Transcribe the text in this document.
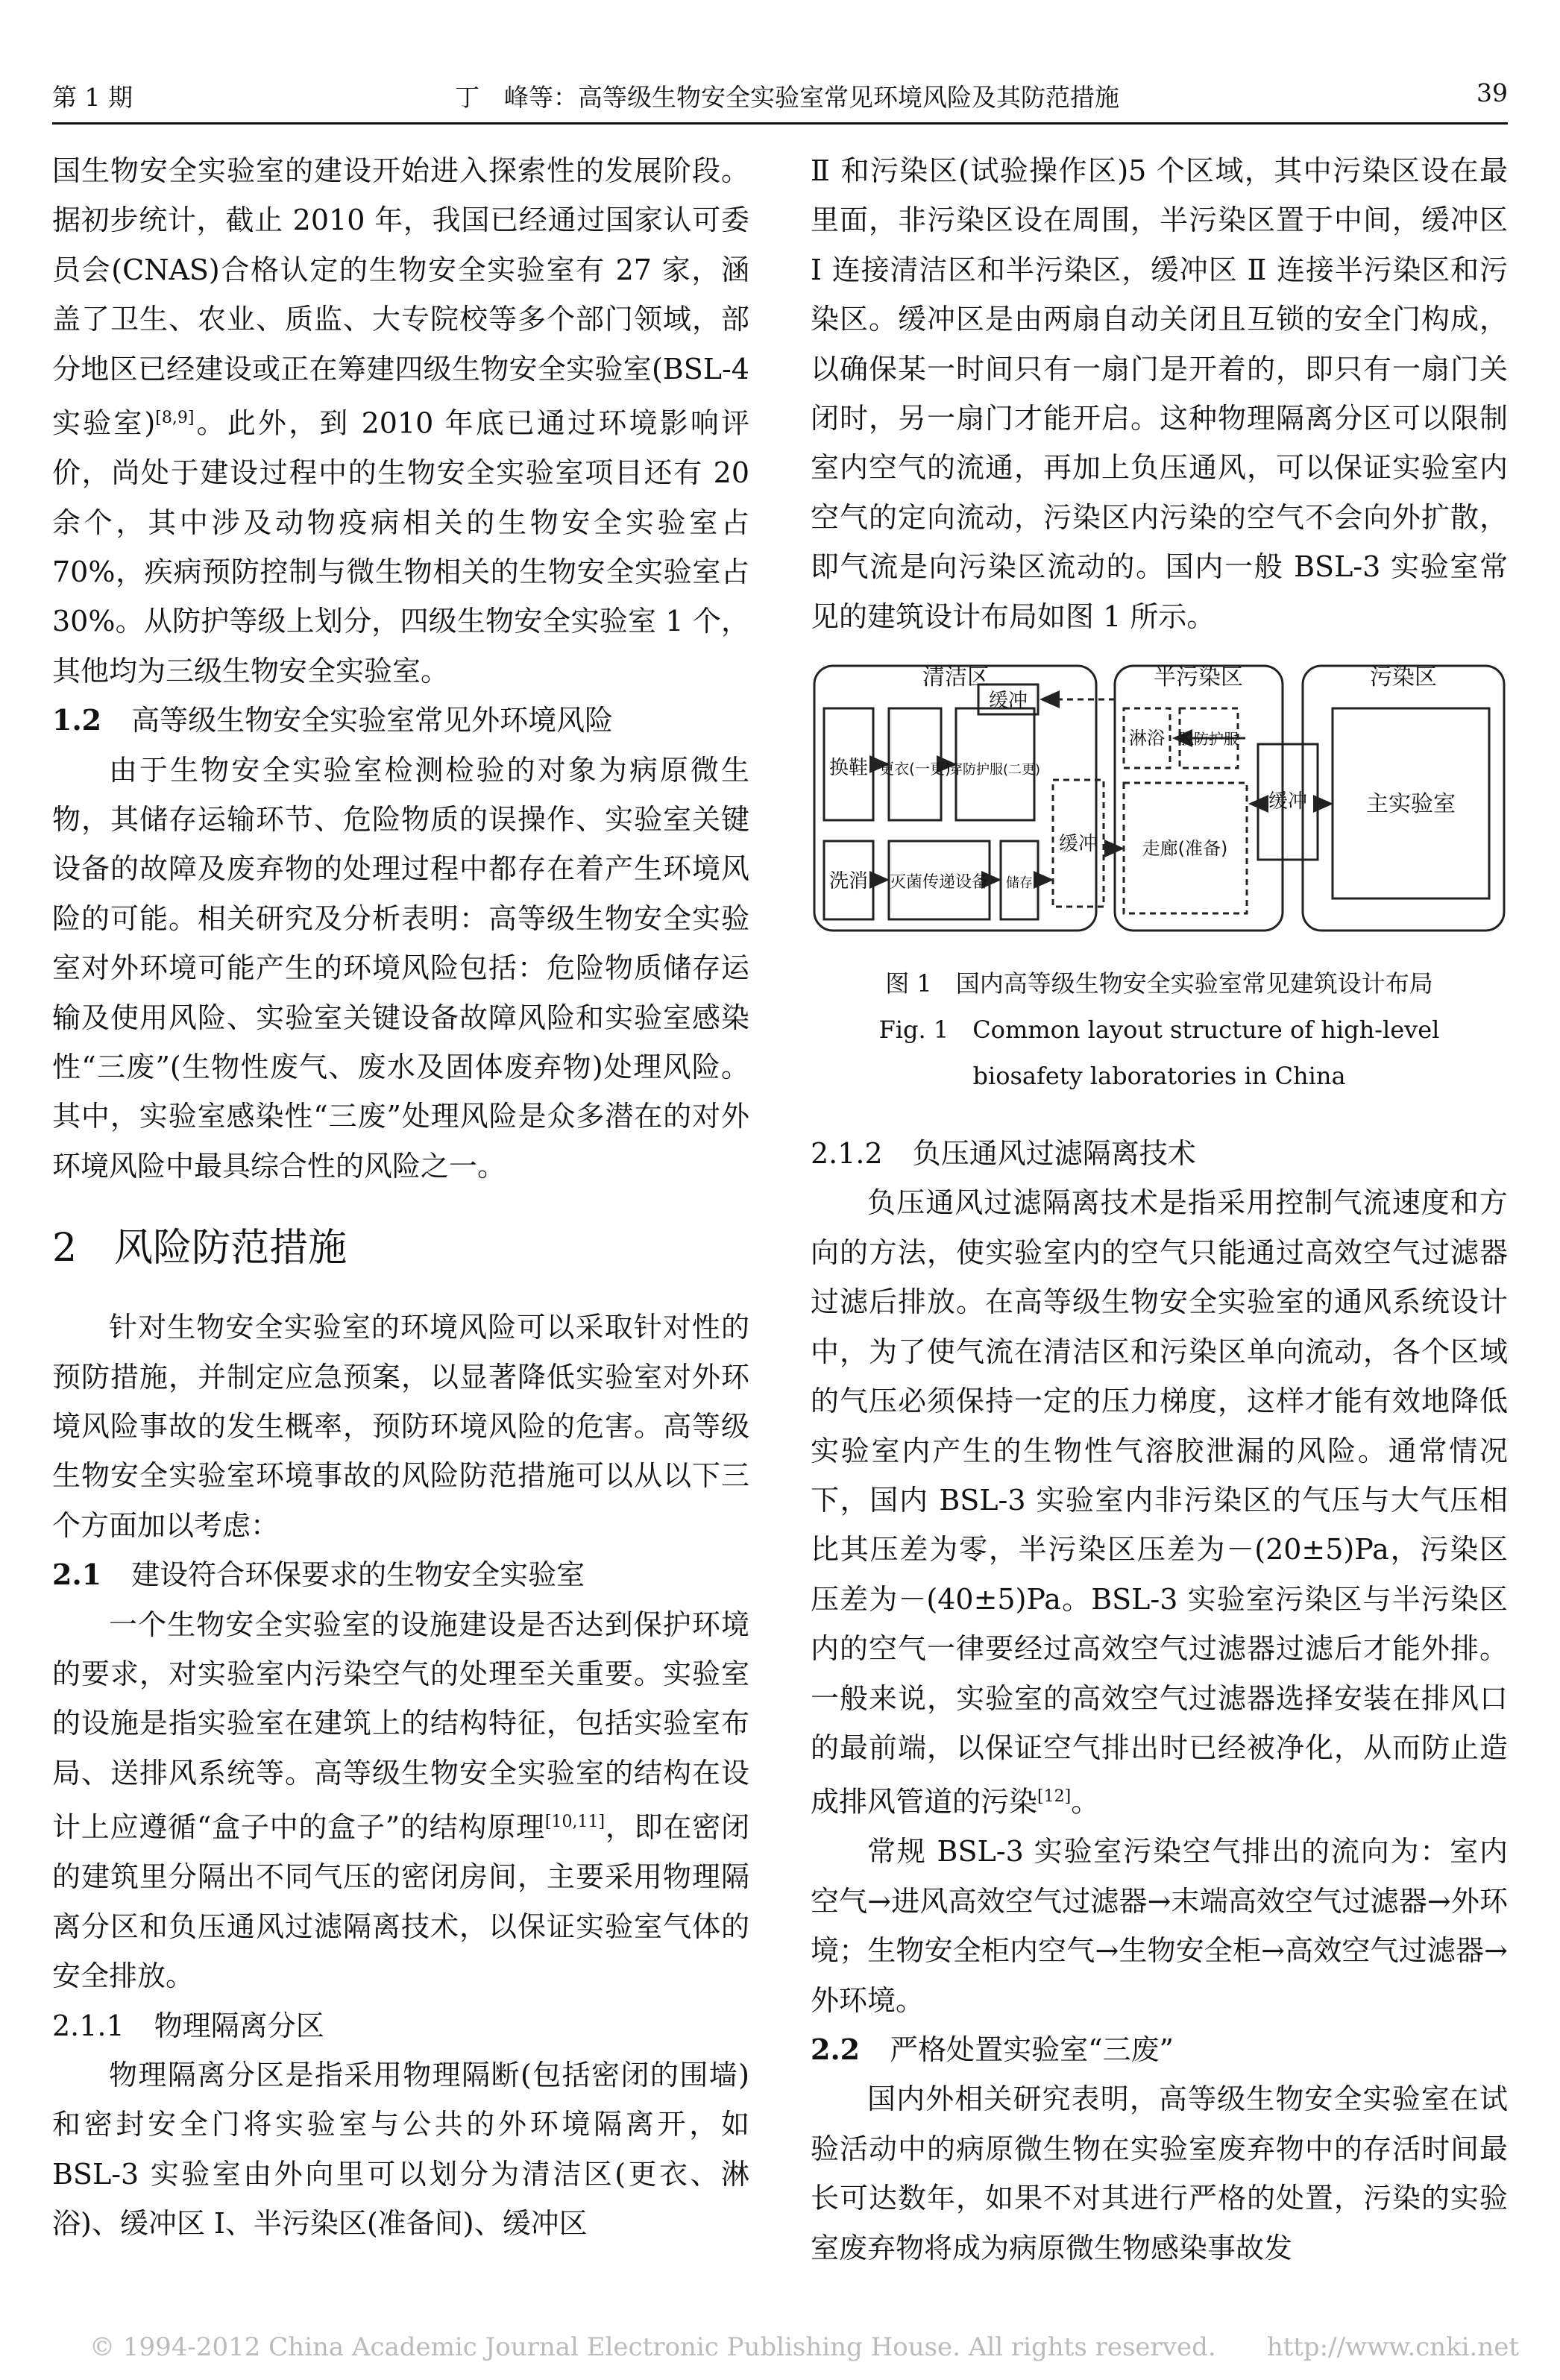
第 1 期	丁　峰等：高等级生物安全实验室常见环境风险及其防范措施	39

国生物安全实验室的建设开始进入探索性的发展阶段。据初步统计，截止 2010 年，我国已经通过国家认可委员会(CNAS)合格认定的生物安全实验室有 27 家，涵盖了卫生、农业、质监、大专院校等多个部门领域，部分地区已经建设或正在筹建四级生物安全实验室(BSL-4 实验室)[8,9]。此外，到 2010 年底已通过环境影响评价，尚处于建设过程中的生物安全实验室项目还有 20 余个，其中涉及动物疫病相关的生物安全实验室占 70%，疾病预防控制与微生物相关的生物安全实验室占 30%。从防护等级上划分，四级生物安全实验室 1 个，其他均为三级生物安全实验室。

1.2 高等级生物安全实验室常见外环境风险

由于生物安全实验室检测检验的对象为病原微生物，其储存运输环节、危险物质的误操作、实验室关键设备的故障及废弃物的处理过程中都存在着产生环境风险的可能。相关研究及分析表明：高等级生物安全实验室对外环境可能产生的环境风险包括：危险物质储存运输及使用风险、实验室关键设备故障风险和实验室感染性“三废”(生物性废气、废水及固体废弃物)处理风险。其中，实验室感染性“三废”处理风险是众多潜在的对外环境风险中最具综合性的风险之一。

2 风险防范措施

针对生物安全实验室的环境风险可以采取针对性的预防措施，并制定应急预案，以显著降低实验室对外环境风险事故的发生概率，预防环境风险的危害。高等级生物安全实验室环境事故的风险防范措施可以从以下三个方面加以考虑：

2.1 建设符合环保要求的生物安全实验室

一个生物安全实验室的设施建设是否达到保护环境的要求，对实验室内污染空气的处理至关重要。实验室的设施是指实验室在建筑上的结构特征，包括实验室布局、送排风系统等。高等级生物安全实验室的结构在设计上应遵循“盒子中的盒子”的结构原理[10,11]，即在密闭的建筑里分隔出不同气压的密闭房间，主要采用物理隔离分区和负压通风过滤隔离技术，以保证实验室气体的安全排放。

2.1.1 物理隔离分区

物理隔离分区是指采用物理隔断(包括密闭的围墙)和密封安全门将实验室与公共的外环境隔离开，如 BSL-3 实验室由外向里可以划分为清洁区(更衣、淋浴)、缓冲区 Ⅰ、半污染区(准备间)、缓冲区

Ⅱ 和污染区(试验操作区)5 个区域，其中污染区设在最里面，非污染区设在周围，半污染区置于中间，缓冲区 Ⅰ 连接清洁区和半污染区，缓冲区 Ⅱ 连接半污染区和污染区。缓冲区是由两扇自动关闭且互锁的安全门构成，以确保某一时间只有一扇门是开着的，即只有一扇门关闭时，另一扇门才能开启。这种物理隔离分区可以限制室内空气的流通，再加上负压通风，可以保证实验室内空气的定向流动，污染区内污染的空气不会向外扩散，即气流是向污染区流动的。国内一般 BSL-3 实验室常见的建筑设计布局如图 1 所示。

清洁区	半污染区	污染区
缓冲
换鞋 更衣(一更)
穿防护服(二更)
淋浴 脱防护服
缓冲
缓冲	主实验室
洗消 灭菌传递设备 储存
走廊(准备)

图 1　国内高等级生物安全实验室常见建筑设计布局

Fig. 1　Common layout structure of high-level

biosafety laboratories in China

2.1.2 负压通风过滤隔离技术

负压通风过滤隔离技术是指采用控制气流速度和方向的方法，使实验室内的空气只能通过高效空气过滤器过滤后排放。在高等级生物安全实验室的通风系统设计中，为了使气流在清洁区和污染区单向流动，各个区域的气压必须保持一定的压力梯度，这样才能有效地降低实验室内产生的生物性气溶胶泄漏的风险。通常情况下，国内 BSL-3 实验室内非污染区的气压与大气压相比其压差为零，半污染区压差为－(20±5)Pa，污染区压差为－(40±5)Pa。BSL-3 实验室污染区与半污染区内的空气一律要经过高效空气过滤器过滤后才能外排。一般来说，实验室的高效空气过滤器选择安装在排风口的最前端，以保证空气排出时已经被净化，从而防止造成排风管道的污染[12]。

常规 BSL-3 实验室污染空气排出的流向为：室内空气→进风高效空气过滤器→末端高效空气过滤器→外环境；生物安全柜内空气→生物安全柜→高效空气过滤器→外环境。

2.2 严格处置实验室“三废”

国内外相关研究表明，高等级生物安全实验室在试验活动中的病原微生物在实验室废弃物中的存活时间最长可达数年，如果不对其进行严格的处置，污染的实验室废弃物将成为病原微生物感染事故发

© 1994-2012 China Academic Journal Electronic Publishing House. All rights reserved.　　http://www.cnki.net
